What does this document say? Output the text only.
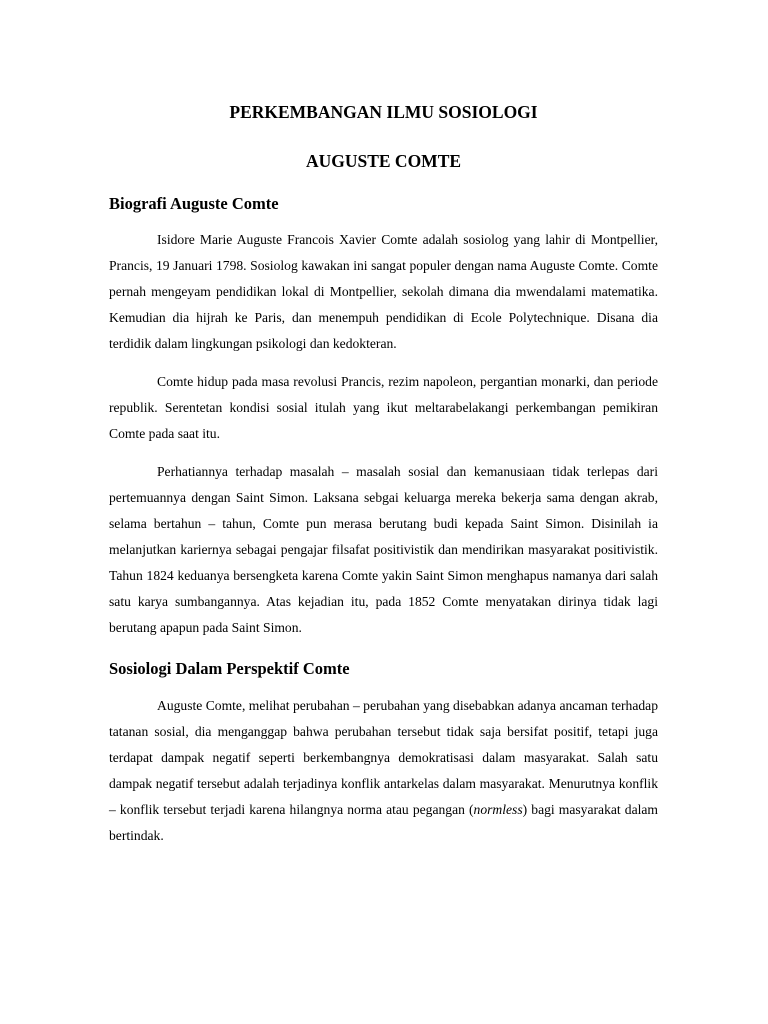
PERKEMBANGAN ILMU SOSIOLOGI
AUGUSTE COMTE
Biografi Auguste Comte

Isidore Marie Auguste Francois Xavier Comte adalah sosiolog yang lahir di Montpellier, Prancis, 19 Januari 1798. Sosiolog kawakan ini sangat populer dengan nama Auguste Comte. Comte pernah mengeyam pendidikan lokal di Montpellier, sekolah dimana dia mwendalami matematika. Kemudian dia hijrah ke Paris, dan menempuh pendidikan di Ecole Polytechnique. Disana dia terdidik dalam lingkungan psikologi dan kedokteran.

Comte hidup pada masa revolusi Prancis, rezim napoleon, pergantian monarki, dan periode republik. Serentetan kondisi sosial itulah yang ikut meltarabelakangi perkembangan pemikiran Comte pada saat itu.

Perhatiannya terhadap masalah – masalah sosial dan kemanusiaan tidak terlepas dari pertemuannya dengan Saint Simon. Laksana sebgai keluarga mereka bekerja sama dengan akrab, selama bertahun – tahun, Comte pun merasa berutang budi kepada Saint Simon. Disinilah ia melanjutkan kariernya sebagai pengajar filsafat positivistik dan mendirikan masyarakat positivistik. Tahun 1824 keduanya bersengketa karena Comte yakin Saint Simon menghapus namanya dari salah satu karya sumbangannya. Atas kejadian itu, pada 1852 Comte menyatakan dirinya tidak lagi berutang apapun pada Saint Simon.

Sosiologi Dalam Perspektif Comte

Auguste Comte, melihat perubahan – perubahan yang disebabkan adanya ancaman terhadap tatanan sosial, dia menganggap bahwa perubahan tersebut tidak saja bersifat positif, tetapi juga terdapat dampak negatif seperti berkembangnya demokratisasi dalam masyarakat. Salah satu dampak negatif tersebut adalah terjadinya konflik antarkelas dalam masyarakat. Menurutnya konflik – konflik tersebut terjadi karena hilangnya norma atau pegangan (normless) bagi masyarakat dalam bertindak.
